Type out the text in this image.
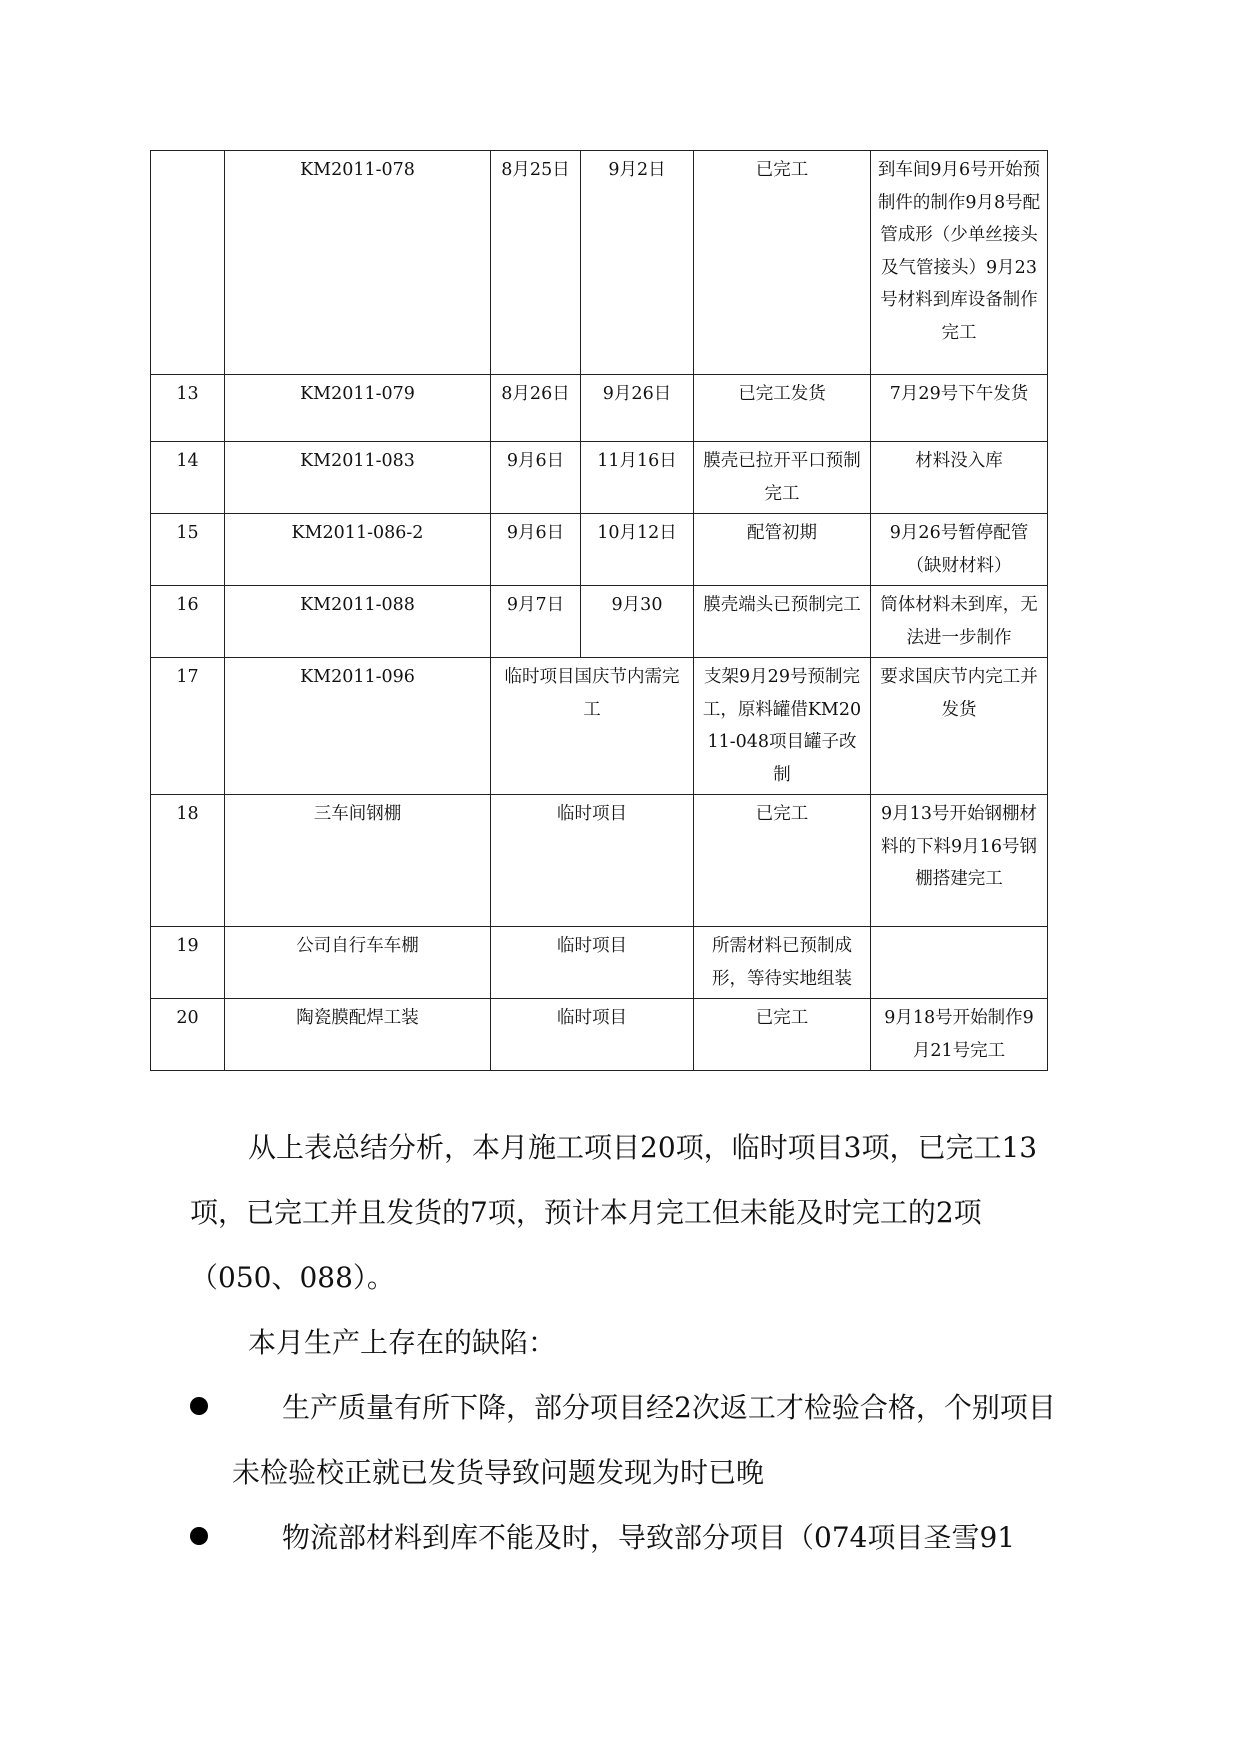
	KM2011-078	8月25日	9月2日	已完工	到车间9月6号开始预制件的制作9月8号配管成形（少单丝接头及气管接头）9月23号材料到库设备制作完工
13	KM2011-079	8月26日	9月26日	已完工发货	7月29号下午发货
14	KM2011-083	9月6日	11月16日	膜壳已拉开平口预制完工	材料没入库
15	KM2011-086-2	9月6日	10月12日	配管初期	9月26号暂停配管（缺财材料）
16	KM2011-088	9月7日	9月30	膜壳端头已预制完工	筒体材料未到库，无法进一步制作
17	KM2011-096	临时项目国庆节内需完工		支架9月29号预制完工，原料罐借KM2011-048项目罐子改制	要求国庆节内完工并发货
18	三车间钢棚	临时项目		已完工	9月13号开始钢棚材料的下料9月16号钢棚搭建完工
19	公司自行车车棚	临时项目		所需材料已预制成形，等待实地组装	
20	陶瓷膜配焊工装	临时项目		已完工	9月18号开始制作9月21号完工

从上表总结分析，本月施工项目20项，临时项目3项，已完工13项，已完工并且发货的7项，预计本月完工但未能及时完工的2项（050、088）。

本月生产上存在的缺陷：

生产质量有所下降，部分项目经2次返工才检验合格，个别项目未检验校正就已发货导致问题发现为时已晚
物流部材料到库不能及时，导致部分项目（074项目圣雪91
